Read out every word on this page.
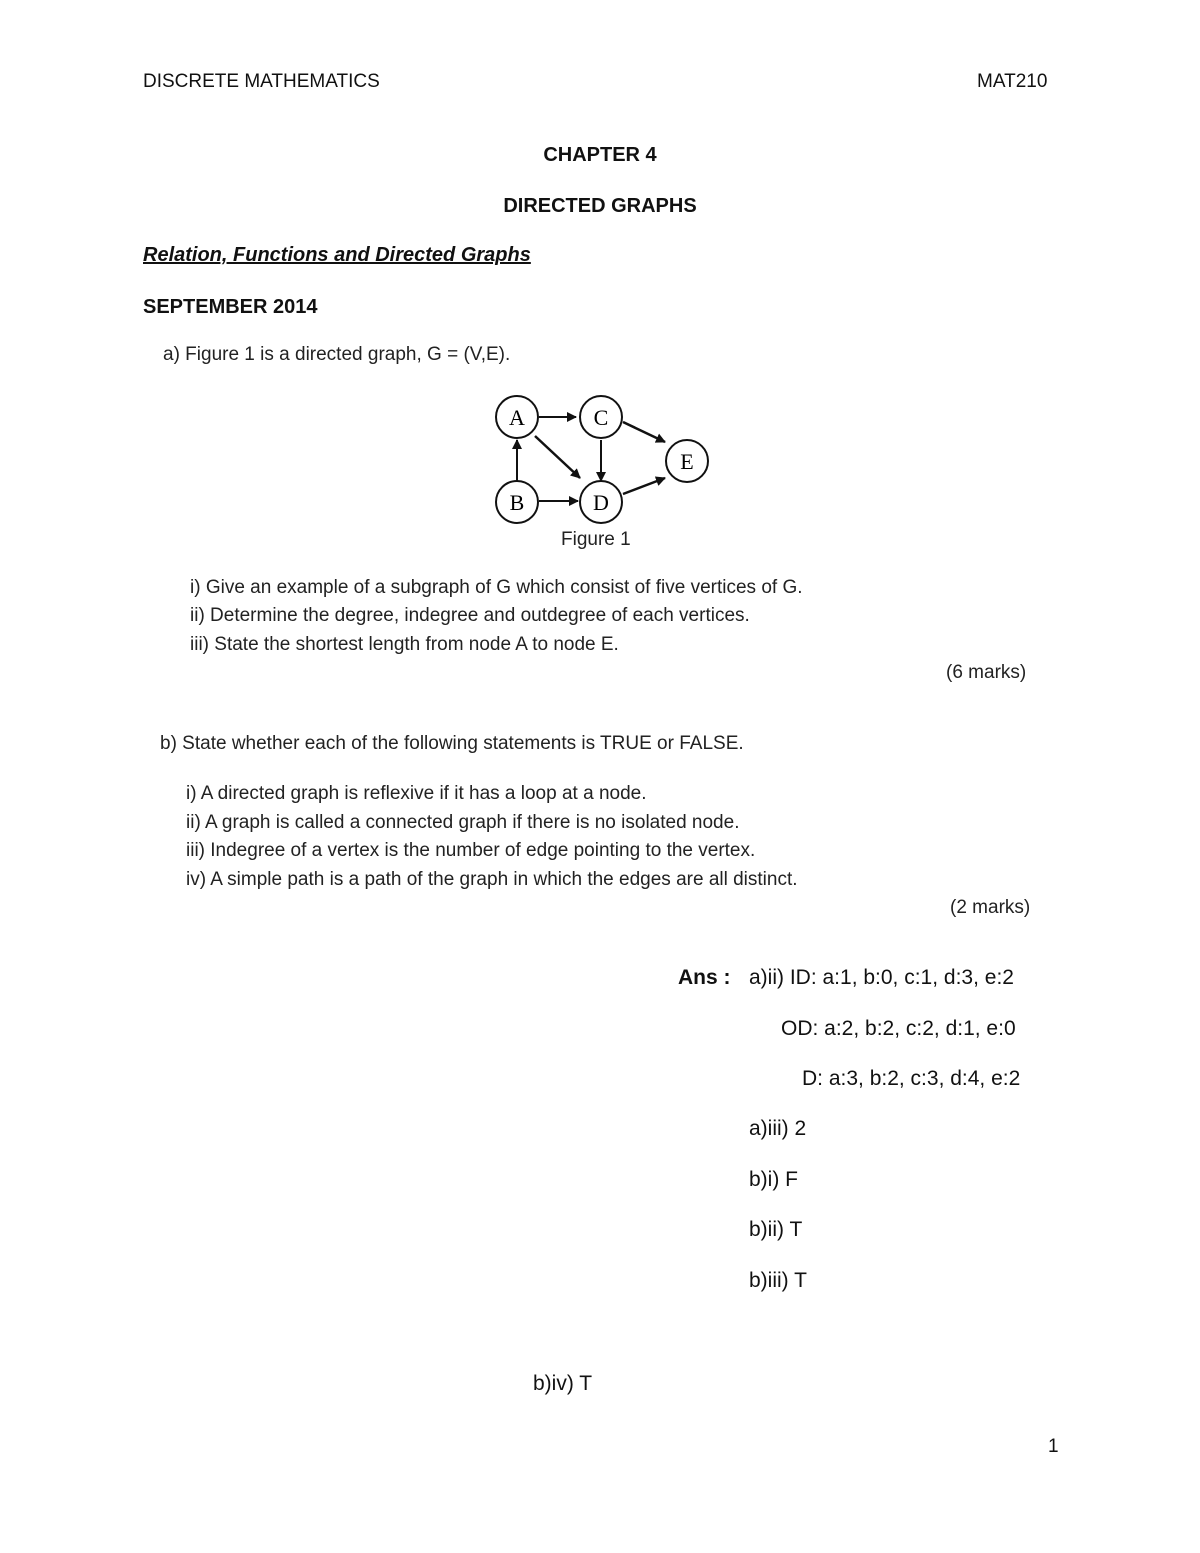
DISCRETE MATHEMATICS	MAT210
CHAPTER 4
DIRECTED GRAPHS
Relation, Functions and Directed Graphs
SEPTEMBER 2014
a) Figure 1 is a directed graph, G = (V,E).
A	C
B	D
E
Figure 1
i) Give an example of a subgraph of G which consist of five vertices of G.
ii) Determine the degree, indegree and outdegree of each vertices.
iii) State the shortest length from node A to node E.
(6 marks)
b) State whether each of the following statements is TRUE or FALSE.
i) A directed graph is reflexive if it has a loop at a node.
ii) A graph is called a connected graph if there is no isolated node.
iii) Indegree of a vertex is the number of edge pointing to the vertex.
iv) A simple path is a path of the graph in which the edges are all distinct.
(2 marks)
Ans : a)ii) ID: a:1, b:0, c:1, d:3, e:2
OD: a:2, b:2, c:2, d:1, e:0
D: a:3, b:2, c:3, d:4, e:2
a)iii) 2
b)i) F
b)ii) T
b)iii) T
b)iv) T
1
